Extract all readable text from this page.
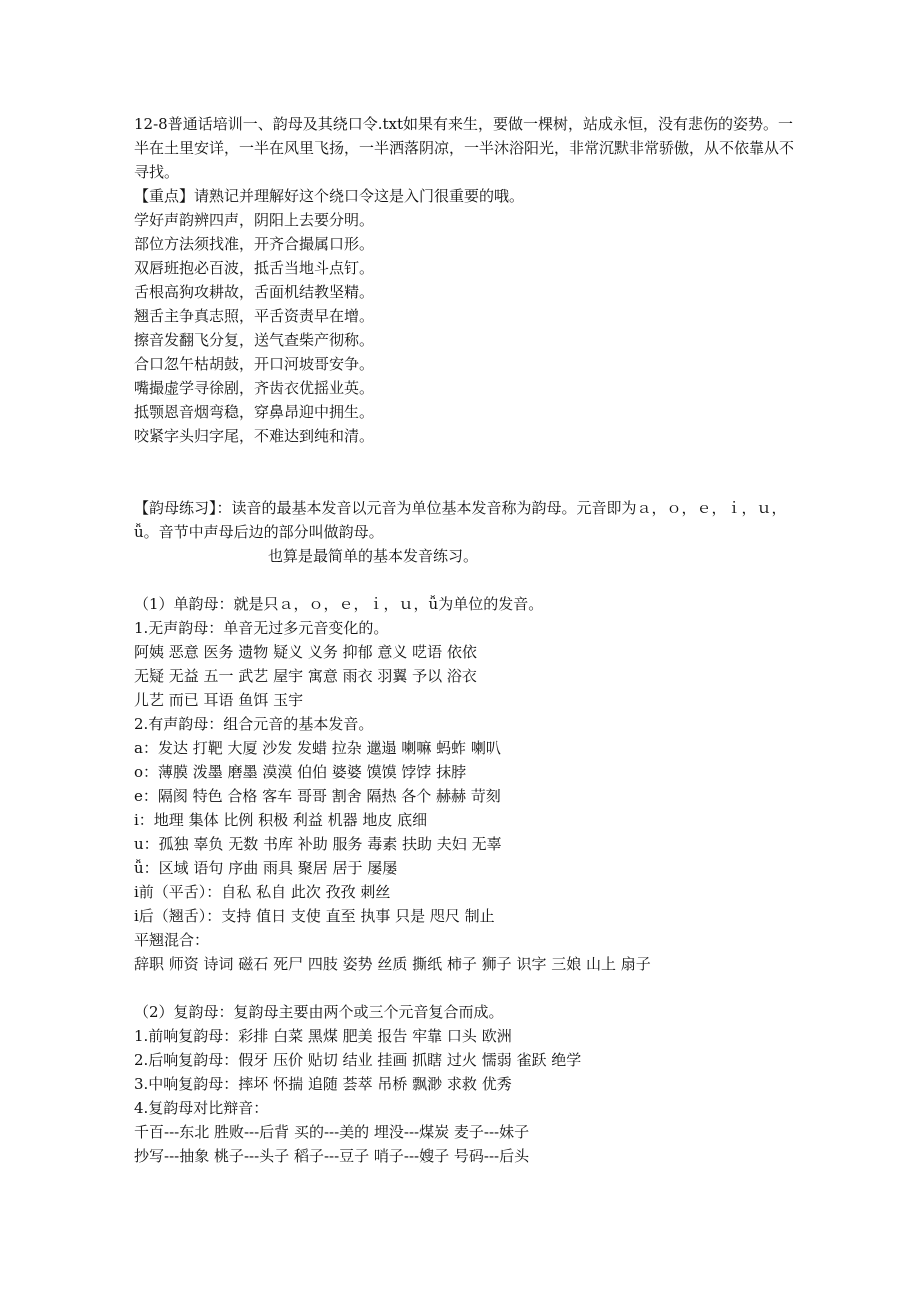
12-8普通话培训一、韵母及其绕口令.txt如果有来生，要做一棵树，站成永恒，没有悲伤的姿势。一半在土里安详，一半在风里飞扬，一半洒落阴凉，一半沐浴阳光，非常沉默非常骄傲，从不依靠从不寻找。
【重点】请熟记并理解好这个绕口令这是入门很重要的哦。
学好声韵辨四声，阴阳上去要分明。
部位方法须找准，开齐合撮属口形。
双唇班抱必百波，抵舌当地斗点钉。
舌根高狗攻耕故，舌面机结教坚精。
翘舌主争真志照，平舌资责早在增。
擦音发翻飞分复，送气查柴产彻称。
合口忽午枯胡鼓，开口河坡哥安争。
嘴撮虚学寻徐剧，齐齿衣优摇业英。
抵颚恩音烟弯稳，穿鼻昂迎中拥生。
咬紧字头归字尾，不难达到纯和清。
【韵母练习】：读音的最基本发音以元音为单位基本发音称为韵母。元音即为ａ，ｏ，ｅ，ｉ，ｕ，ǚ。音节中声母后边的部分叫做韵母。
也算是最简单的基本发音练习。
（1）单韵母：就是只ａ，ｏ，ｅ，ｉ，ｕ，ǚ为单位的发音。
1.无声韵母：单音无过多元音变化的。
阿姨 恶意 医务 遗物 疑义 义务 抑郁 意义 呓语 依依
无疑 无益 五一 武艺 屋宇 寓意 雨衣 羽翼 予以 浴衣
儿艺 而已 耳语 鱼饵 玉宇
2.有声韵母：组合元音的基本发音。
a：发达 打靶 大厦 沙发 发蜡 拉杂 邋遢 喇嘛 蚂蚱 喇叭
o：薄膜 泼墨 磨墨 漠漠 伯伯 婆婆 馍馍 饽饽 抹脖
e：隔阂 特色 合格 客车 哥哥 割舍 隔热 各个 赫赫 苛刻
i：地理 集体 比例 积极 利益 机器 地皮 底细
u：孤独 辜负 无数 书库 补助 服务 毒素 扶助 夫妇 无辜
ǚ：区域 语句 序曲 雨具 聚居 居于 屡屡
i前（平舌）：自私 私自 此次 孜孜 刺丝
i后（翘舌）：支持 值日 支使 直至 执事 只是 咫尺 制止
平翘混合：
辞职 师资 诗词 磁石 死尸 四肢 姿势 丝质 撕纸 柿子 狮子 识字 三娘 山上 扇子
（2）复韵母：复韵母主要由两个或三个元音复合而成。
1.前响复韵母：彩排 白菜 黑煤 肥美 报告 牢靠 口头 欧洲
2.后响复韵母：假牙 压价 贴切 结业 挂画 抓瞎 过火 懦弱 雀跃 绝学
3.中响复韵母：摔坏 怀揣 追随 荟萃 吊桥 飘渺 求救 优秀
4.复韵母对比辩音：
千百---东北 胜败---后背 买的---美的 埋没---煤炭 麦子---妹子
抄写---抽象 桃子---头子 稻子---豆子 哨子---嫂子 号码---后头
